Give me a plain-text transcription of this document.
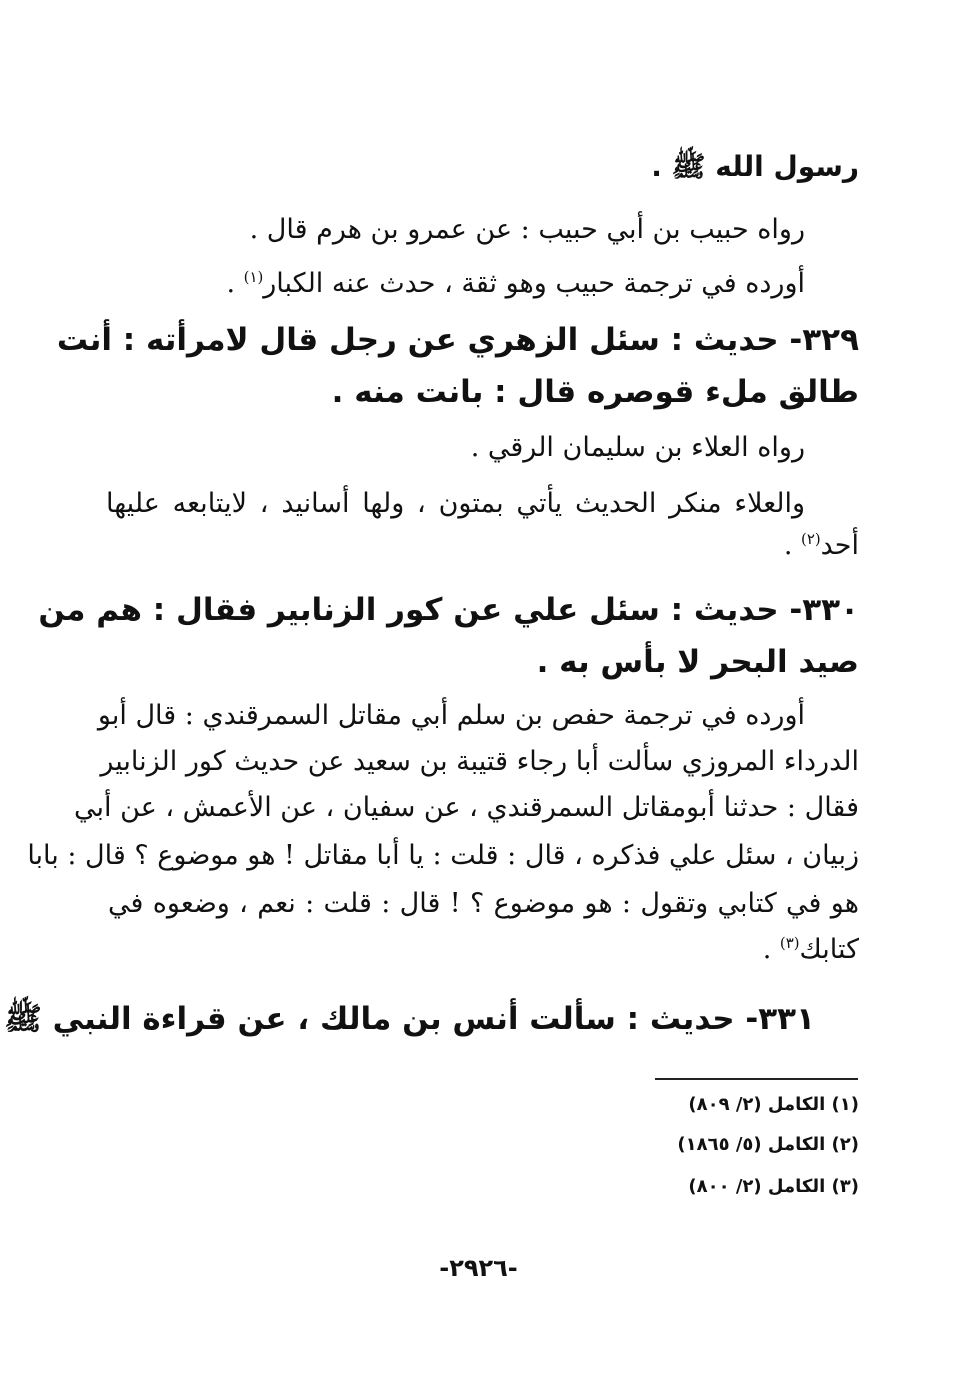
رسول الله ﷺ .
رواه حبيب بن أبي حبيب : عن عمرو بن هرم قال .
أورده في ترجمة حبيب وهو ثقة ، حدث عنه الكبار$^{(١)}$ .
٣٢٩- حديث : سئل الزهري عن رجل قال لامرأته : أنت
طالق ملء قوصره قال : بانت منه .
رواه العلاء بن سليمان الرقي .
والعلاء منكر الحديث يأتي بمتون ، ولها أسانيد ، لايتابعه عليها
أحد$^{(٢)}$ .
٣٣٠- حديث : سئل علي عن كور الزنابير فقال : هم من
صيد البحر لا بأس به .
أورده في ترجمة حفص بن سلم أبي مقاتل السمرقندي : قال أبو
الدرداء المروزي سألت أبا رجاء قتيبة بن سعيد عن حديث كور الزنابير
فقال : حدثنا أبومقاتل السمرقندي ، عن سفيان ، عن الأعمش ، عن أبي
زبيان ، سئل علي فذكره ، قال : قلت : يا أبا مقاتل ! هو موضوع ؟ قال : بابا
هو في كتابي وتقول : هو موضوع ؟ ! قال : قلت : نعم ، وضعوه في
كتابك$^{(٣)}$ .
٣٣١- حديث : سألت أنس بن مالك ، عن قراءة النبي ﷺ
(١) الكامل (٢/ ٨٠٩)
(٢) الكامل (٥/ ١٨٦٥)
(٣) الكامل (٢/ ٨٠٠)
-٢٩٢٦-
